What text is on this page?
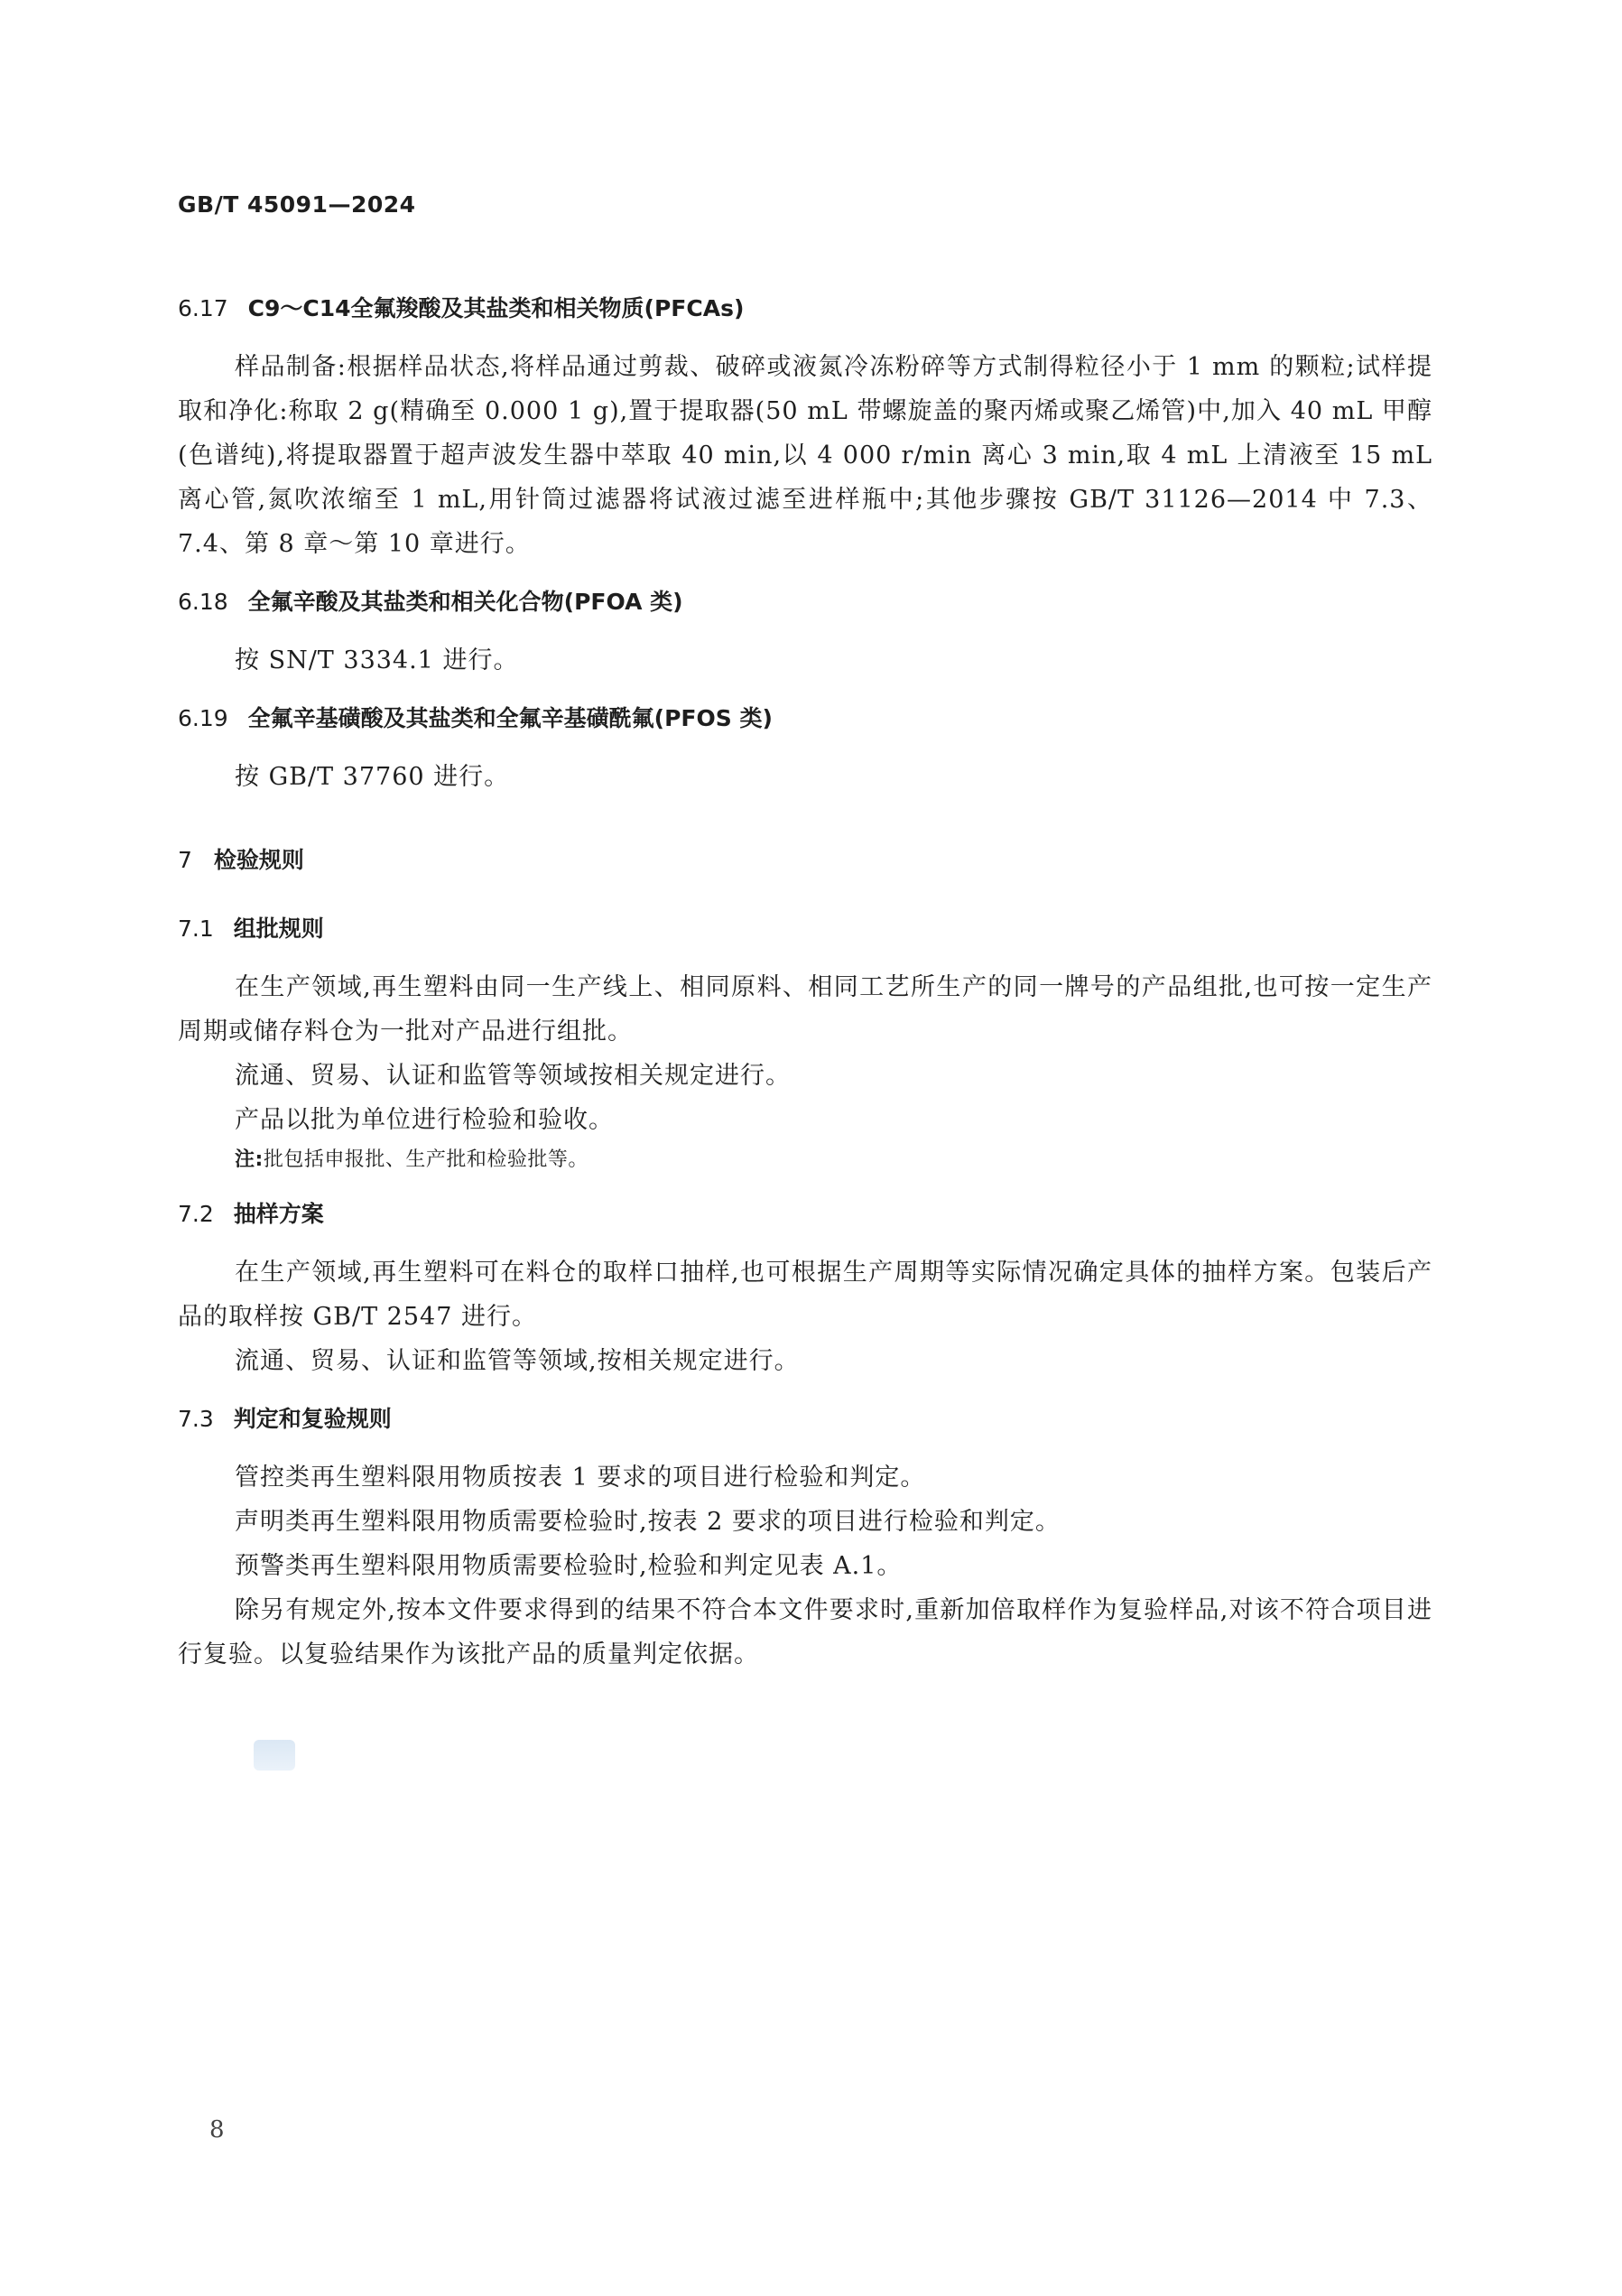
GB/T 45091—2024
6.17 C9～C14全氟羧酸及其盐类和相关物质(PFCAs)
样品制备:根据样品状态,将样品通过剪裁、破碎或液氮冷冻粉碎等方式制得粒径小于 1 mm 的颗粒;试样提取和净化:称取 2 g(精确至 0.000 1 g),置于提取器(50 mL 带螺旋盖的聚丙烯或聚乙烯管)中,加入 40 mL 甲醇(色谱纯),将提取器置于超声波发生器中萃取 40 min,以 4 000 r/min 离心 3 min,取 4 mL 上清液至 15 mL 离心管,氮吹浓缩至 1 mL,用针筒过滤器将试液过滤至进样瓶中;其他步骤按 GB/T 31126—2014 中 7.3、7.4、第 8 章～第 10 章进行。
6.18 全氟辛酸及其盐类和相关化合物(PFOA 类)
按 SN/T 3334.1 进行。
6.19 全氟辛基磺酸及其盐类和全氟辛基磺酰氟(PFOS 类)
按 GB/T 37760 进行。
7 检验规则
7.1 组批规则
在生产领域,再生塑料由同一生产线上、相同原料、相同工艺所生产的同一牌号的产品组批,也可按一定生产周期或储存料仓为一批对产品进行组批。
流通、贸易、认证和监管等领域按相关规定进行。
产品以批为单位进行检验和验收。
注:批包括申报批、生产批和检验批等。
7.2 抽样方案
在生产领域,再生塑料可在料仓的取样口抽样,也可根据生产周期等实际情况确定具体的抽样方案。包装后产品的取样按 GB/T 2547 进行。
流通、贸易、认证和监管等领域,按相关规定进行。
7.3 判定和复验规则
管控类再生塑料限用物质按表 1 要求的项目进行检验和判定。
声明类再生塑料限用物质需要检验时,按表 2 要求的项目进行检验和判定。
预警类再生塑料限用物质需要检验时,检验和判定见表 A.1。
除另有规定外,按本文件要求得到的结果不符合本文件要求时,重新加倍取样作为复验样品,对该不符合项目进行复验。以复验结果作为该批产品的质量判定依据。
8
